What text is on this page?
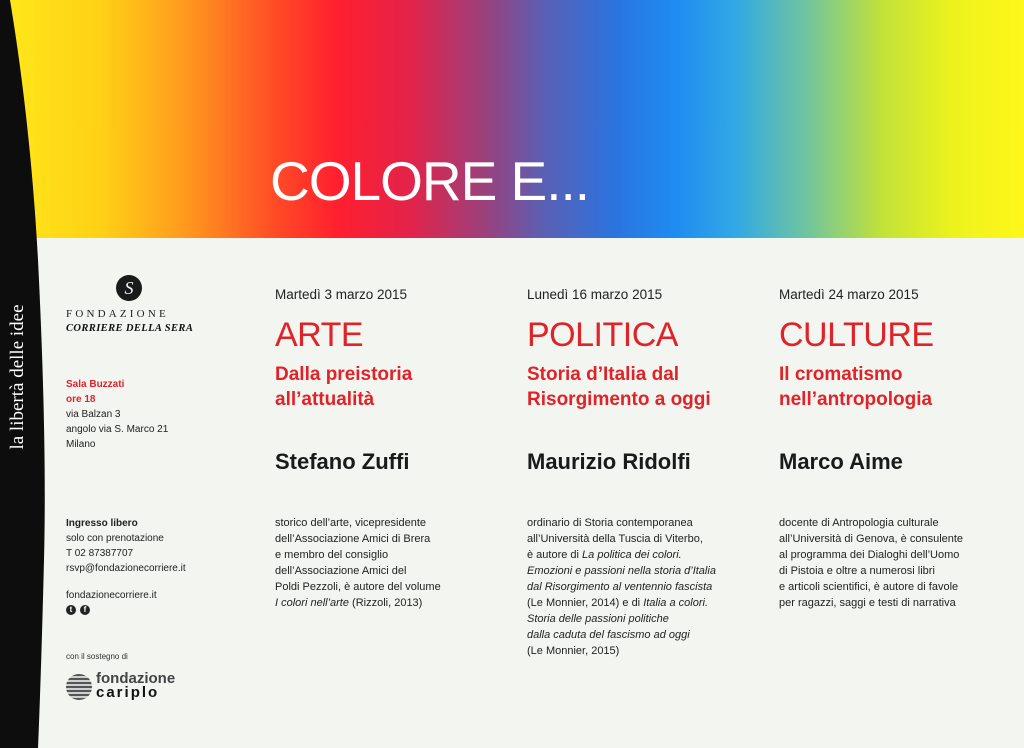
COLORE E...
la libertà delle idee
S
FONDAZIONE
CORRIERE DELLA SERA
Sala Buzzati
ore 18
via Balzan 3
angolo via S. Marco 21
Milano
Ingresso libero
solo con prenotazione
T 02 87387707
rsvp@fondazionecorriere.it
fondazionecorriere.it
t	f
con il sostegno di
fondazione
cariplo
Martedì 3 marzo 2015
ARTE
Dalla preistoria
all’attualità
Stefano Zuffi
storico dell’arte, vicepresidente
dell’Associazione Amici di Brera
e membro del consiglio
dell’Associazione Amici del
Poldi Pezzoli, è autore del volume
I colori nell’arte (Rizzoli, 2013)
Lunedì 16 marzo 2015
POLITICA
Storia d’Italia dal
Risorgimento a oggi
Maurizio Ridolfi
ordinario di Storia contemporanea
all’Università della Tuscia di Viterbo,
è autore di La politica dei colori.
Emozioni e passioni nella storia d’Italia
dal Risorgimento al ventennio fascista
(Le Monnier, 2014) e di Italia a colori.
Storia delle passioni politiche
dalla caduta del fascismo ad oggi
(Le Monnier, 2015)
Martedì 24 marzo 2015
CULTURE
Il cromatismo
nell’antropologia
Marco Aime
docente di Antropologia culturale
all’Università di Genova, è consulente
al programma dei Dialoghi dell’Uomo
di Pistoia e oltre a numerosi libri
e articoli scientifici, è autore di favole
per ragazzi, saggi e testi di narrativa
